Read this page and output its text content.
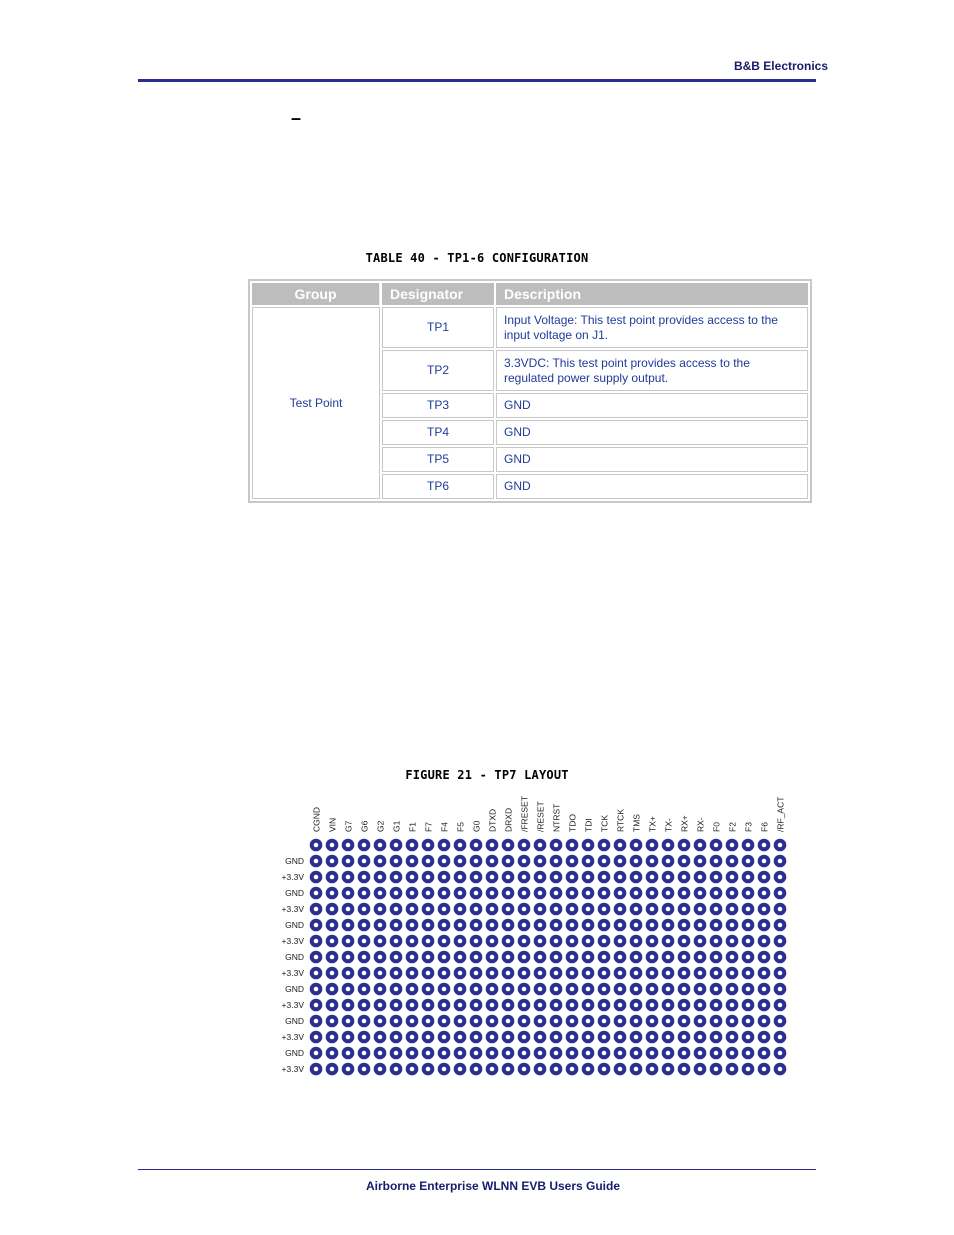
B&B Electronics
–
TABLE 40 - TP1-6 CONFIGURATION
Group	Designator	Description
Test Point	TP1	Input Voltage: This test point provides access to the input voltage on J1.
	TP2	3.3VDC: This test point provides access to the regulated power supply output.
	TP3	GND
	TP4	GND
	TP5	GND
	TP6	GND
FIGURE 21 - TP7 LAYOUT
CGND VIN G7 G6 G2 G1 F1 F7 F4 F5 G0 DTXD DRXD /FRESET /RESET NTRST TDO TDI TCK RTCK TMS TX+ TX- RX+ RX- F0 F2 F3 F6 /RF_ACT
GND
+3.3V
GND
+3.3V
GND
+3.3V
GND
+3.3V
GND
+3.3V
GND
+3.3V
GND
+3.3V
Airborne Enterprise WLNN EVB Users Guide
